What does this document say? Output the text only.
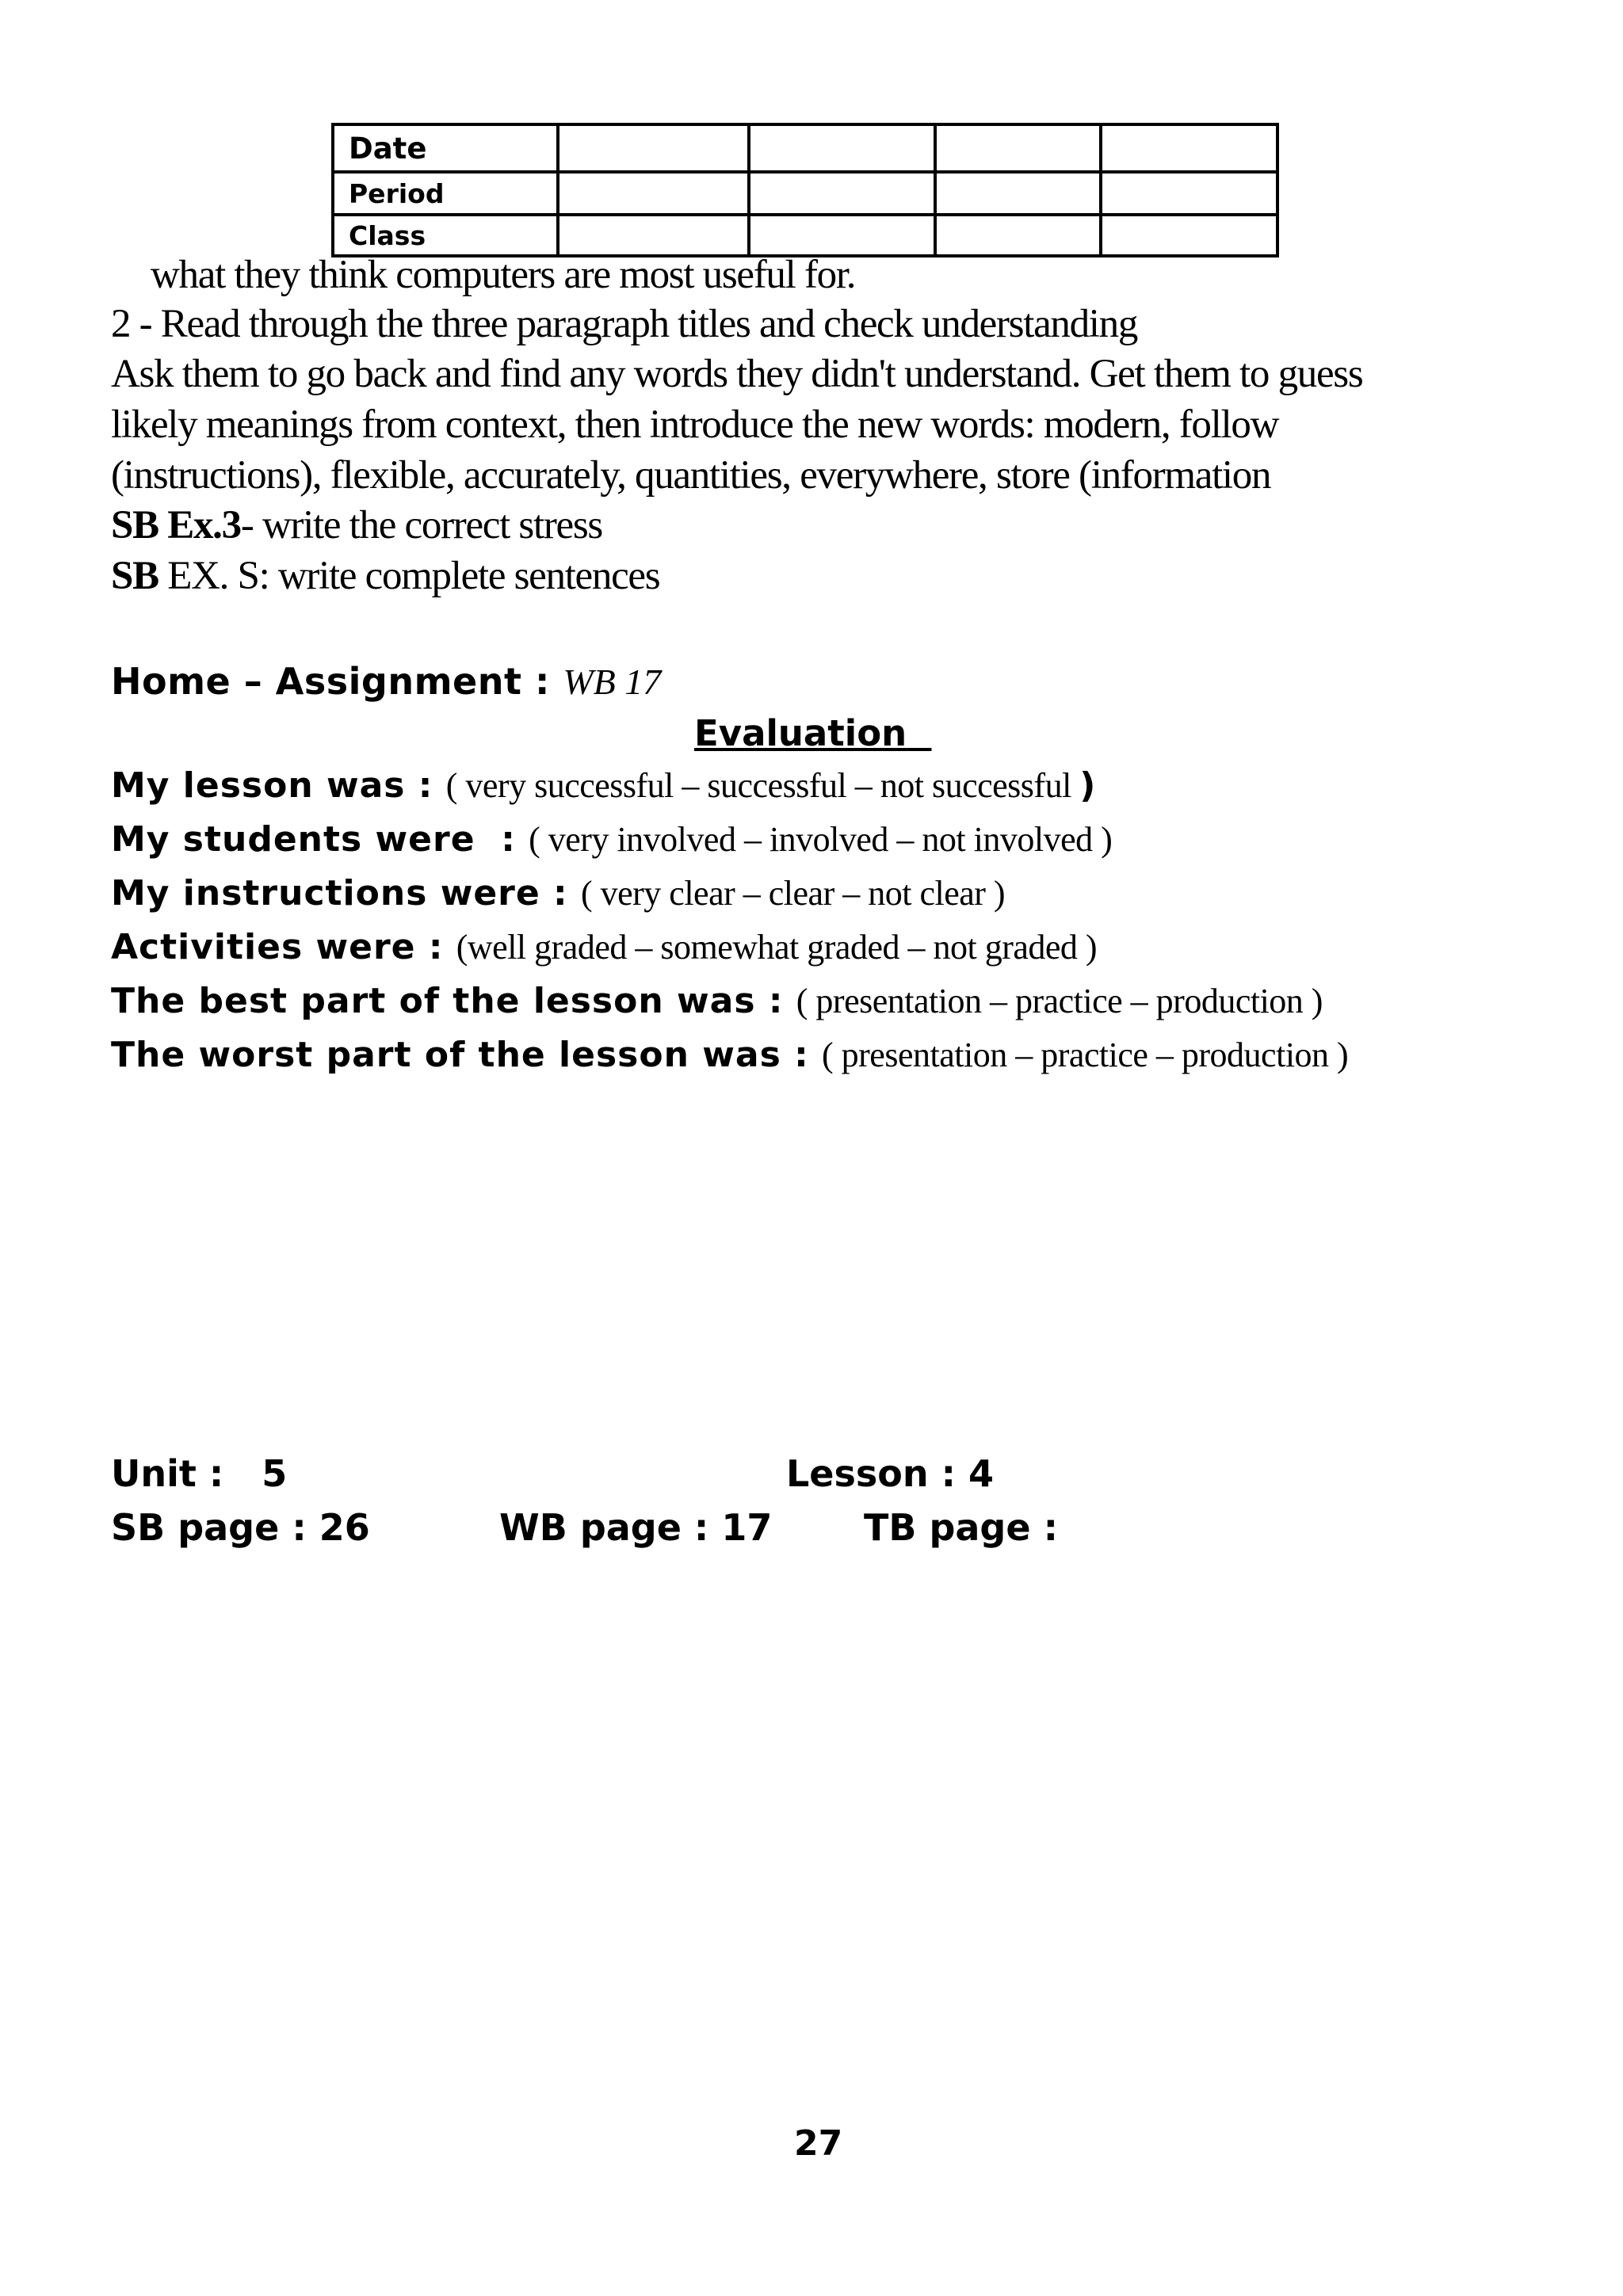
Date				
Period				
Class				
what they think computers are most useful for.
2 - Read through the three paragraph titles and check understanding
Ask them to go back and find any words they didn't understand. Get them to guess
likely meanings from context, then introduce the new words: modern, follow
(instructions), flexible, accurately, quantities, everywhere, store (information
SB Ex.3- write the correct stress
SB EX. S: write complete sentences
Home – Assignment : WB 17
Evaluation
My lesson was : ( very successful – successful – not successful )
My students were  : ( very involved – involved – not involved )
My instructions were : ( very clear – clear – not clear )
Activities were : (well graded – somewhat graded – not graded )
The best part of the lesson was : ( presentation – practice – production )
The worst part of the lesson was : ( presentation – practice – production )
Unit :   5	Lesson : 4
SB page : 26	WB page : 17	TB page :
27
